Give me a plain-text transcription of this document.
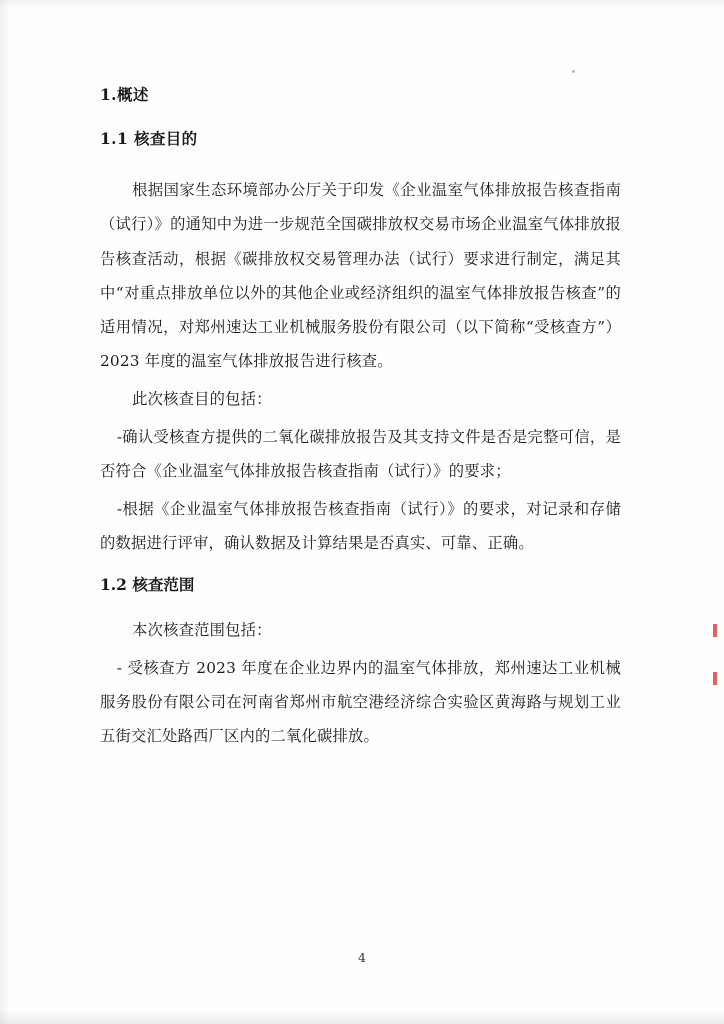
1.概述
1.1 核查目的

根据国家生态环境部办公厅关于印发《企业温室气体排放报告核查指南（试行）》的通知中为进一步规范全国碳排放权交易市场企业温室气体排放报告核查活动，根据《碳排放权交易管理办法（试行）要求进行制定，满足其中“对重点排放单位以外的其他企业或经济组织的温室气体排放报告核查”的适用情况，对郑州速达工业机械服务股份有限公司（以下简称“受核查方”）2023 年度的温室气体排放报告进行核查。

此次核查目的包括：

-确认受核查方提供的二氧化碳排放报告及其支持文件是否是完整可信，是否符合《企业温室气体排放报告核查指南（试行）》的要求；

-根据《企业温室气体排放报告核查指南（试行）》的要求，对记录和存储的数据进行评审，确认数据及计算结果是否真实、可靠、正确。

1.2 核查范围

本次核查范围包括：

- 受核查方 2023 年度在企业边界内的温室气体排放，郑州速达工业机械服务股份有限公司在河南省郑州市航空港经济综合实验区黄海路与规划工业五街交汇处路西厂区内的二氧化碳排放。

4
